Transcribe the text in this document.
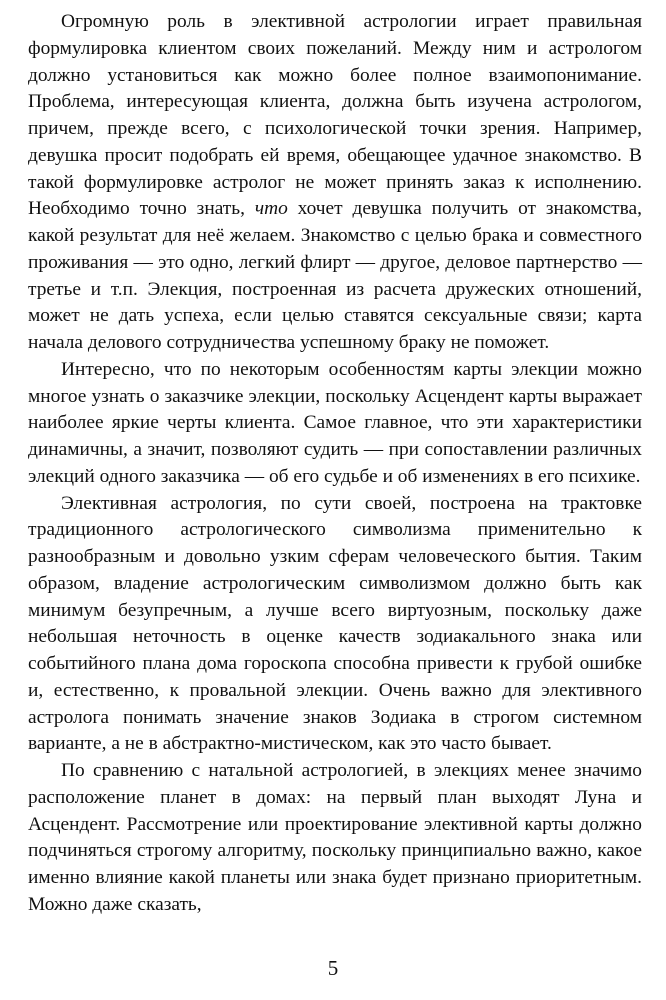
Огромную роль в элективной астрологии играет правильная формулировка клиентом своих пожеланий. Между ним и астрологом должно установиться как можно более полное взаимопонимание. Проблема, интересующая клиента, должна быть изучена астрологом, причем, прежде всего, с психологической точки зрения. Например, девушка просит подобрать ей время, обещающее удачное знакомство. В такой формулировке астролог не может принять заказ к исполнению. Необходимо точно знать, что хочет девушка получить от знакомства, какой результат для неё желаем. Знакомство с целью брака и совместного проживания — это одно, легкий флирт — другое, деловое партнерство — третье и т.п. Элекция, построенная из расчета дружеских отношений, может не дать успеха, если целью ставятся сексуальные связи; карта начала делового сотрудничества успешному браку не поможет.

Интересно, что по некоторым особенностям карты элекции можно многое узнать о заказчике элекции, поскольку Асцендент карты выражает наиболее яркие черты клиента. Самое главное, что эти характеристики динамичны, а значит, позволяют судить — при сопоставлении различных элекций одного заказчика — об его судьбе и об изменениях в его психике.

Элективная астрология, по сути своей, построена на трактовке традиционного астрологического символизма применительно к разнообразным и довольно узким сферам человеческого бытия. Таким образом, владение астрологическим символизмом должно быть как минимум безупречным, а лучше всего виртуозным, поскольку даже небольшая неточность в оценке качеств зодиакального знака или событийного плана дома гороскопа способна привести к грубой ошибке и, естественно, к провальной элекции. Очень важно для элективного астролога понимать значение знаков Зодиака в строгом системном варианте, а не в абстрактно-мистическом, как это часто бывает.

По сравнению с натальной астрологией, в элекциях менее значимо расположение планет в домах: на первый план выходят Луна и Асцендент. Рассмотрение или проектирование элективной карты должно подчиняться строгому алгоритму, поскольку принципиально важно, какое именно влияние какой планеты или знака будет признано приоритетным. Можно даже сказать,

5
